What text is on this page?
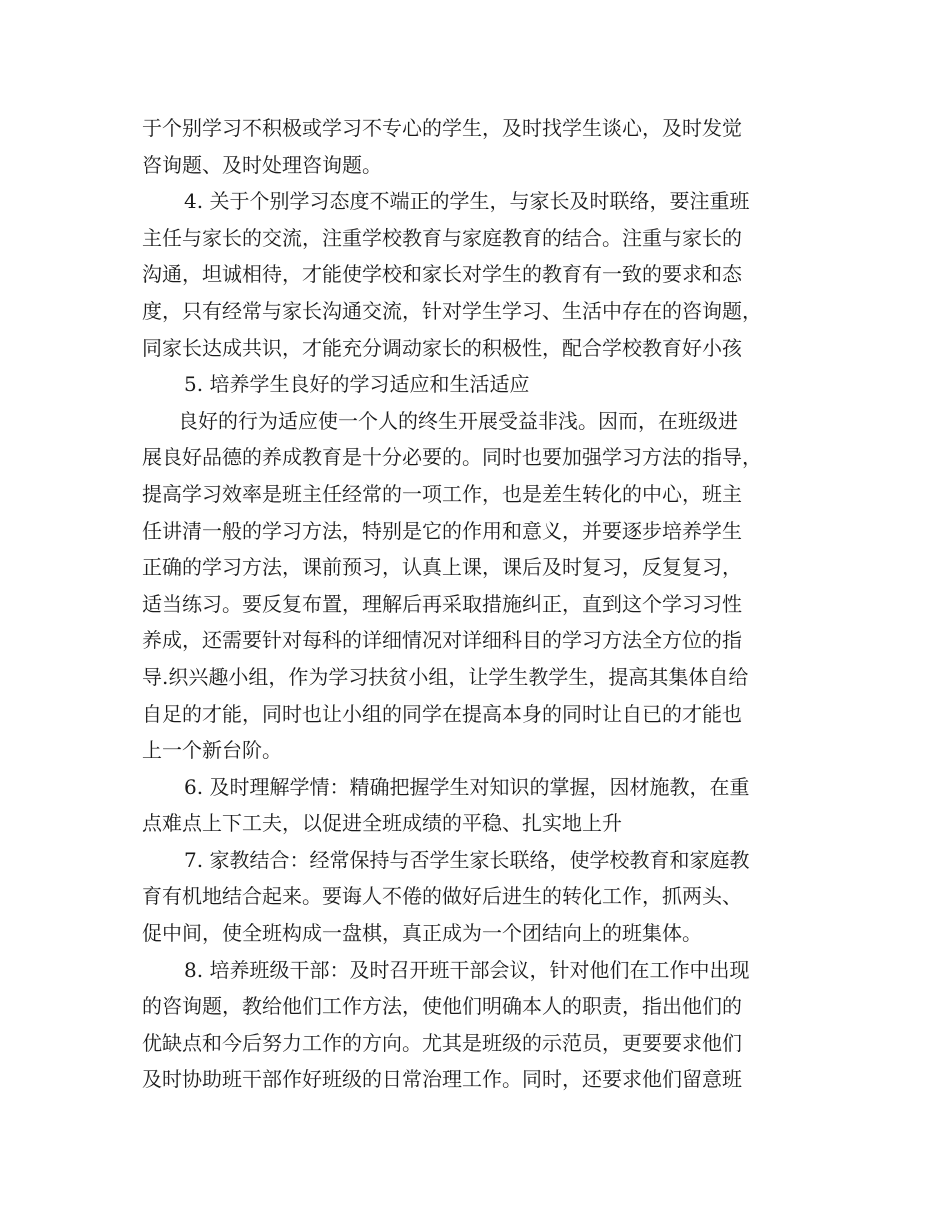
于个别学习不积极或学习不专心的学生，及时找学生谈心，及时发觉
咨询题、及时处理咨询题。
4. 关于个别学习态度不端正的学生，与家长及时联络，要注重班
主任与家长的交流，注重学校教育与家庭教育的结合。注重与家长的
沟通，坦诚相待，才能使学校和家长对学生的教育有一致的要求和态
度，只有经常与家长沟通交流，针对学生学习、生活中存在的咨询题，
同家长达成共识，才能充分调动家长的积极性，配合学校教育好小孩
5. 培养学生良好的学习适应和生活适应
良好的行为适应使一个人的终生开展受益非浅。因而，在班级进
展良好品德的养成教育是十分必要的。同时也要加强学习方法的指导，
提高学习效率是班主任经常的一项工作，也是差生转化的中心，班主
任讲清一般的学习方法，特别是它的作用和意义，并要逐步培养学生
正确的学习方法，课前预习，认真上课，课后及时复习，反复复习，
适当练习。要反复布置，理解后再采取措施纠正，直到这个学习习性
养成，还需要针对每科的详细情况对详细科目的学习方法全方位的指
导.织兴趣小组，作为学习扶贫小组，让学生教学生，提高其集体自给
自足的才能，同时也让小组的同学在提高本身的同时让自已的才能也
上一个新台阶。
6. 及时理解学情：精确把握学生对知识的掌握，因材施教，在重
点难点上下工夫，以促进全班成绩的平稳、扎实地上升
7. 家教结合：经常保持与否学生家长联络，使学校教育和家庭教
育有机地结合起来。要诲人不倦的做好后进生的转化工作，抓两头、
促中间，使全班构成一盘棋，真正成为一个团结向上的班集体。
8. 培养班级干部：及时召开班干部会议，针对他们在工作中出现
的咨询题，教给他们工作方法，使他们明确本人的职责，指出他们的
优缺点和今后努力工作的方向。尤其是班级的示范员，更要要求他们
及时协助班干部作好班级的日常治理工作。同时，还要求他们留意班
